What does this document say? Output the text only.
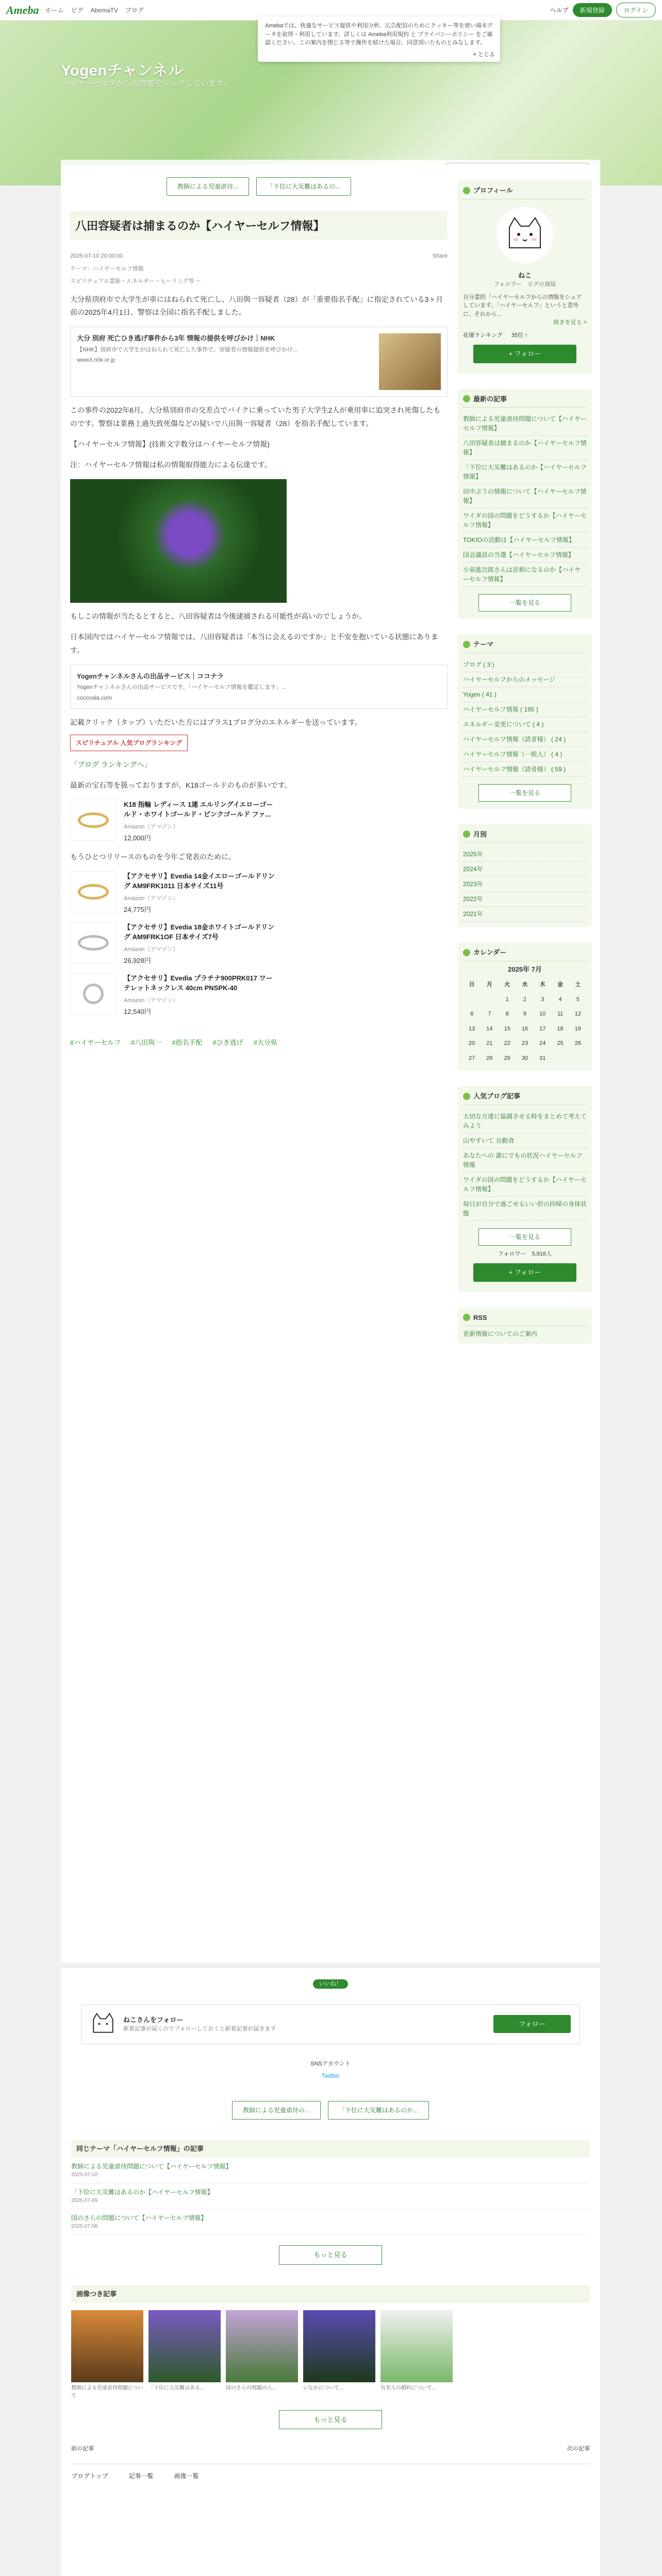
Ameba ホーム ピグ AbemaTV ブログ	ヘルプ	新規登録	ログイン
Yogenチャンネル
ハイヤーセルフからの情報をシェアしています。
Amebaでは、快適なサービス提供や利用分析、広告配信のためにクッキー等を使い端末データを取得・利用しています。詳しくは Ameba利用規約 と プライバシーポリシー をご確認ください。この案内を閉じる等で操作を続けた場合、同意頂いたものとみなします。
× とじる
教師による児童虐待...	「下位に大災難はあるの...
八田容疑者は捕まるのか【ハイヤーセルフ情報】
2025-07-10 20:00:00	Share
テーマ：ハイヤーセルフ情報
スピリチュアル霊能・エネルギー・ヒーリング等 〜

大分県別府市で大学生が車にはねられて死亡し、八田與一容疑者（28）が「重要指名手配」に指定されている3ヶ月前の2025年4月1日、警察は全国に指名手配しました。

大分 別府 死亡ひき逃げ事件から3年 情報の提供を呼びかけ｜NHK
【NHK】別府市で大学生がはねられて死亡した事件で、容疑者の情報提供を呼びかけ...
www3.nhk.or.jp

この事件の2022年6月、大分県別府市の交差点でバイクに乗っていた男子大学生2人が乗用車に追突され死傷したものです。警察は業務上過失致死傷などの疑いで八田與一容疑者（28）を指名手配しています。

【ハイヤーセルフ情報】(技術文字数分はハイヤーセルフ情報)

注：ハイヤーセルフ情報は私の情報取得能力による伝達です。

もしこの情報が当たるとすると、八田容疑者は今後逮捕される可能性が高いのでしょうか。

日本国内ではハイヤーセルフ情報では、八田容疑者は「本当に会えるのですか」と不安を抱いている状態にあります。

Yogenチャンネルさんの出品サービス｜ココナラ
Yogenチャンネルさんの出品サービスです。「ハイヤーセルフ情報を鑑定します」...
coconala.com

記載クリック（タップ）いただいた方にはプラス1ブログ分のエネルギーを送っています。

スピリチュアル 人気ブログランキング

「ブログ ランキングへ」

最新の宝石等を扱っておりますが、K18ゴールドのものが多いです。

K18 指輪 レディース 1連 エルリングイエローゴールド・ホワイトゴールド・ピンクゴールド ファ...
Amazon（アマゾン）
12,000円

もうひとつリリースのものを今年ご発表のために。

【アクセサリ】Evedia 14金イエローゴールドリング AM9FRK1011 日本サイズ11号
Amazon（アマゾン）
24,775円
【アクセサリ】Evedia 18金ホワイトゴールドリング AM9FRK1OF 日本サイズ7号
Amazon（アマゾン）
26,928円
【アクセサリ】Evedia プラチナ900PRK017 ワーテレットネックレス 40cm PNSPK-40
Amazon（アマゾン）
12,540円
#ハイヤーセルフ #八田與一 #指名手配 #ひき逃げ #大分県
プロフィール
ねこ
フォロワー　ピグの部屋
自分霊的「ハイヤーセルフからの情報をシェアしています。「ハイヤーセルフ」というと意外に、それから...
続きを見る >
花壇ランキング 　 35位 ↑
+ フォロー
最新の記事
教師による児童虐待問題について【ハイヤーセルフ情報】
八田容疑者は捕まるのか【ハイヤーセルフ情報】
「下位に大災難はあるのか【ハイヤーセルフ情報】
田中ぷうの情報について【ハイヤーセルフ情報】
ワイダの国の問題をどうするか【ハイヤーセルフ情報】
TOKIOの活動は【ハイヤーセルフ情報】
国会議員の当選【ハイヤーセルフ情報】
小泉進次郎さんは首相になるのか【ハイヤーセルフ情報】
一覧を見る
テーマ
ブログ ( 3 )
ハイヤーセルフからのメッセージ
Yogen ( 41 )
ハイヤーセルフ情報 ( 195 )
エネルギー変更について ( 4 )
ハイヤーセルフ情報（読者様） ( 24 )
ハイヤーセルフ情報（一般人） ( 4 )
ハイヤーセルフ情報（読者様） ( 59 )
一覧を見る
月別
2025年
2024年
2023年
2022年
2021年
カレンダー
2025年 7月
日	月	火	水	木	金	土
		1	2	3	4	5
6	7	8	9	10	11	12
13	14	15	16	17	18	19
20	21	22	23	24	25	26
27	28	29	30	31		
人気ブログ記事
大切な方達に協調させる時をまとめて考えてみよう
山やすいて 自動食
あなたへの 誰にでもの状況ハイヤーセルフ情報
ワイダの国の問題をどうするか【ハイヤーセルフ情報】
毎日が自分で過ごせるいい形の回帰の身体状態
一覧を見る
フォロワー　5,916人
+ フォロー
RSS
更新情報についてのご案内
いいね！
ねこさんをフォロー
新着記事が届くのでフォローしておくと新着記事が届きます
フォロー
SNSアカウント
Twitter
教師による児童虐待の...	「下位に大災難はあるのか...
同じテーマ「ハイヤーセルフ情報」の記事
教師による児童虐待問題について【ハイヤーセルフ情報】
2025-07-10
「下位に大災難はあるのか【ハイヤーセルフ情報】
2025-07-09
国のさらの問題について【ハイヤーセルフ情報】
2025-07-08
もっと見る
画像つき記事
教師による児童虐待問題について
「下位に大災難はある...	国のさらの問題の人...	いなかについて...	有名人の婚約について...
もっと見る
前の記事	次の記事
ブログトップ	記事一覧	画像一覧
